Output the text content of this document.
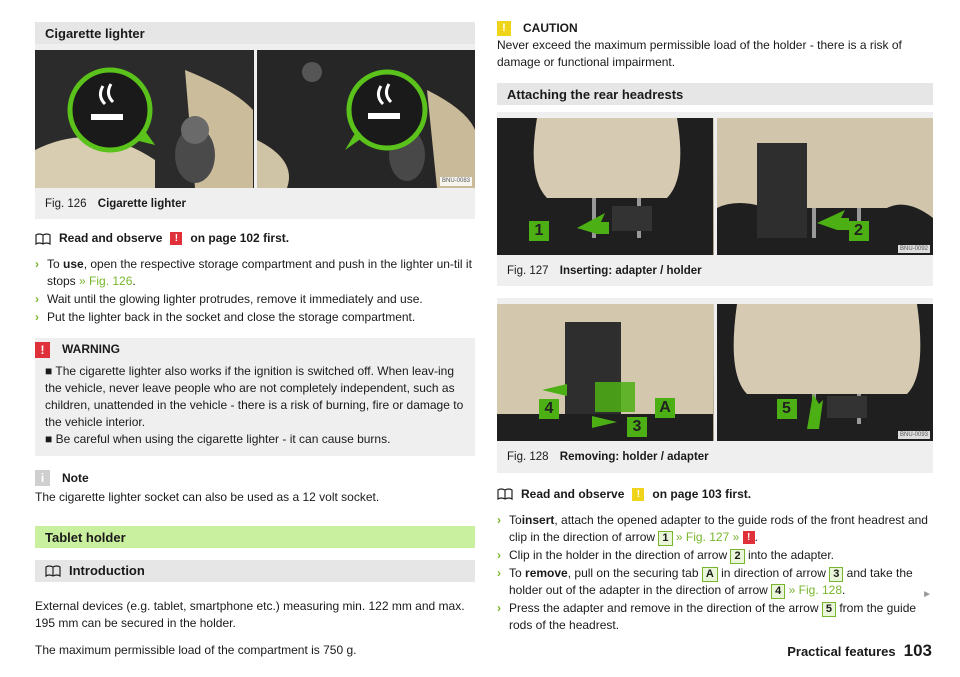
Cigarette lighter
BNU-0083
Fig. 126 Cigarette lighter
Read and observe	!	on page 102 first.
› To use, open the respective storage compartment and push in the lighter un-til it stops » Fig. 126.
› Wait until the glowing lighter protrudes, remove it immediately and use.
› Put the lighter back in the socket and close the storage compartment.
!	WARNING
■ The cigarette lighter also works if the ignition is switched off. When leav-ing the vehicle, never leave people who are not completely independent, such as children, unattended in the vehicle - there is a risk of burning, fire or damage to the vehicle interior.
■ Be careful when using the cigarette lighter - it can cause burns.
i	Note
The cigarette lighter socket can also be used as a 12 volt socket.
Tablet holder
Introduction

External devices (e.g. tablet, smartphone etc.) measuring min. 122 mm and max. 195 mm can be secured in the holder.

The maximum permissible load of the compartment is 750 g.

!	CAUTION
Never exceed the maximum permissible load of the holder - there is a risk of damage or functional impairment.
Attaching the rear headrests
1	2
BNU-0092
Fig. 127 Inserting: adapter / holder
4	A
3
5
BNU-0093
Fig. 128 Removing: holder / adapter
Read and observe	!	on page 103 first.
› Toinsert, attach the opened adapter to the guide rods of the front headrest and clip in the direction of arrow 1 » Fig. 127 » ! .
› Clip in the holder in the direction of arrow 2 into the adapter.
› To remove, pull on the securing tab A in direction of arrow 3 and take the holder out of the adapter in the direction of arrow 4 » Fig. 128.
› Press the adapter and remove in the direction of the arrow 5 from the guide rods of the headrest.
►
Practical features 103
